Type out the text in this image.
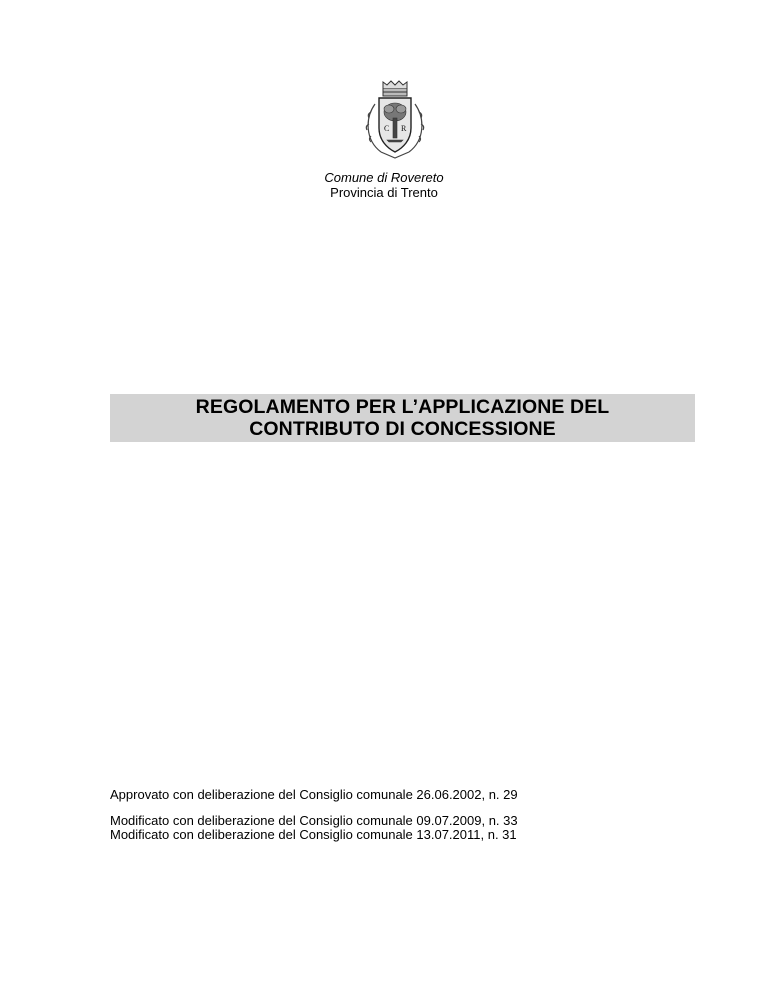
C R
Comune di Rovereto
Provincia di Trento
REGOLAMENTO PER L’APPLICAZIONE DEL
CONTRIBUTO DI CONCESSIONE
Approvato con deliberazione del Consiglio comunale 26.06.2002, n. 29
Modificato con deliberazione del Consiglio comunale 09.07.2009, n. 33
Modificato con deliberazione del Consiglio comunale 13.07.2011, n. 31
